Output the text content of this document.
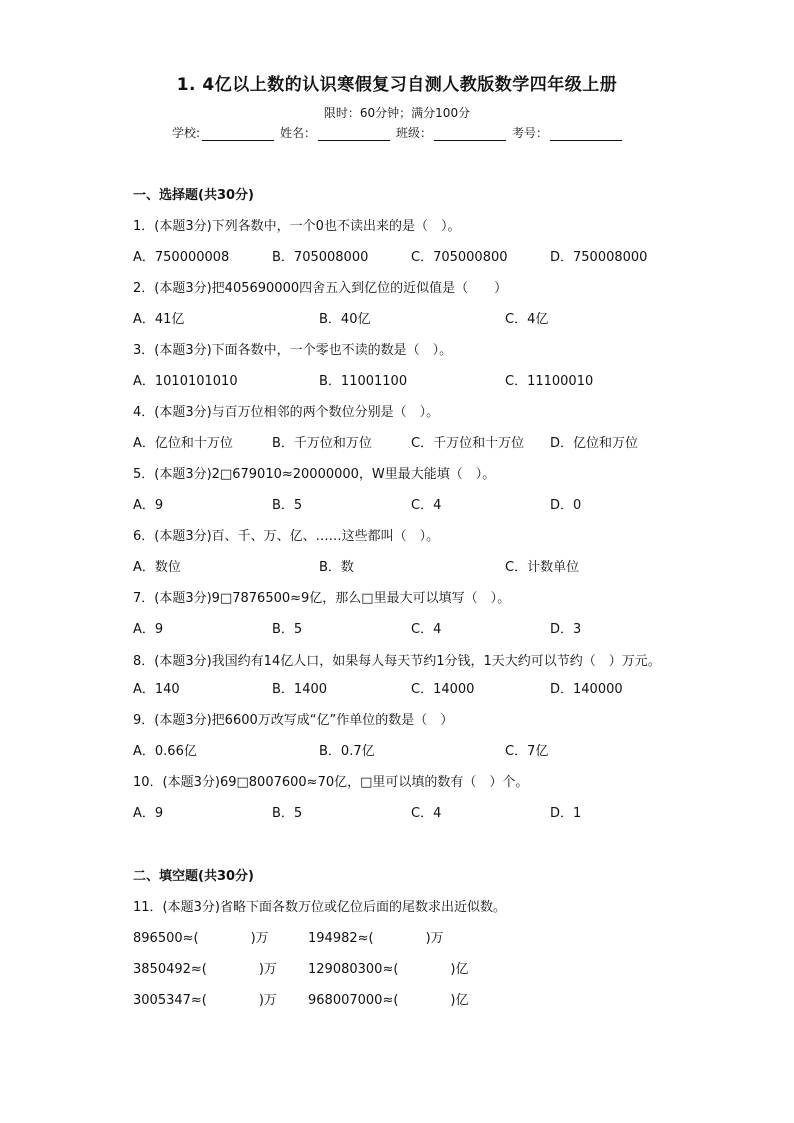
1. 4亿以上数的认识寒假复习自测人教版数学四年级上册
限时：60分钟；满分100分
学校:	姓名：	班级：	考号：
一、选择题(共30分)
1．(本题3分)下列各数中，一个0也不读出来的是（　）。
A．750000008	B．705008000	C．705000800	D．750008000
2．(本题3分)把405690000四舍五入到亿位的近似值是（　　）
A．41亿	B．40亿	C．4亿
3．(本题3分)下面各数中，一个零也不读的数是（　）。
A．1010101010	B．11001100	C．11100010
4．(本题3分)与百万位相邻的两个数位分别是（　）。
A．亿位和十万位	B．千万位和万位	C．千万位和十万位	D．亿位和万位
5．(本题3分)2□679010≈20000000，W里最大能填（　）。
A．9	B．5	C．4	D．0
6．(本题3分)百、千、万、亿、……这些都叫（　）。
A．数位	B．数	C．计数单位
7．(本题3分)9□7876500≈9亿，那么□里最大可以填写（　）。
A．9	B．5	C．4	D．3
8．(本题3分)我国约有14亿人口，如果每人每天节约1分钱，1天大约可以节约（　）万元。
A．140	B．1400	C．14000	D．140000
9．(本题3分)把6600万改写成“亿”作单位的数是（　）
A．0.66亿	B．0.7亿	C．7亿
10．(本题3分)69□8007600≈70亿，□里可以填的数有（　）个。
A．9	B．5	C．4	D．1
二、填空题(共30分)
11．(本题3分)省略下面各数万位或亿位后面的尾数求出近似数。
896500≈(　　　　)万	194982≈(　　　　)万
3850492≈(　　　　)万	129080300≈(　　　　)亿
3005347≈(　　　　)万	968007000≈(　　　　)亿
